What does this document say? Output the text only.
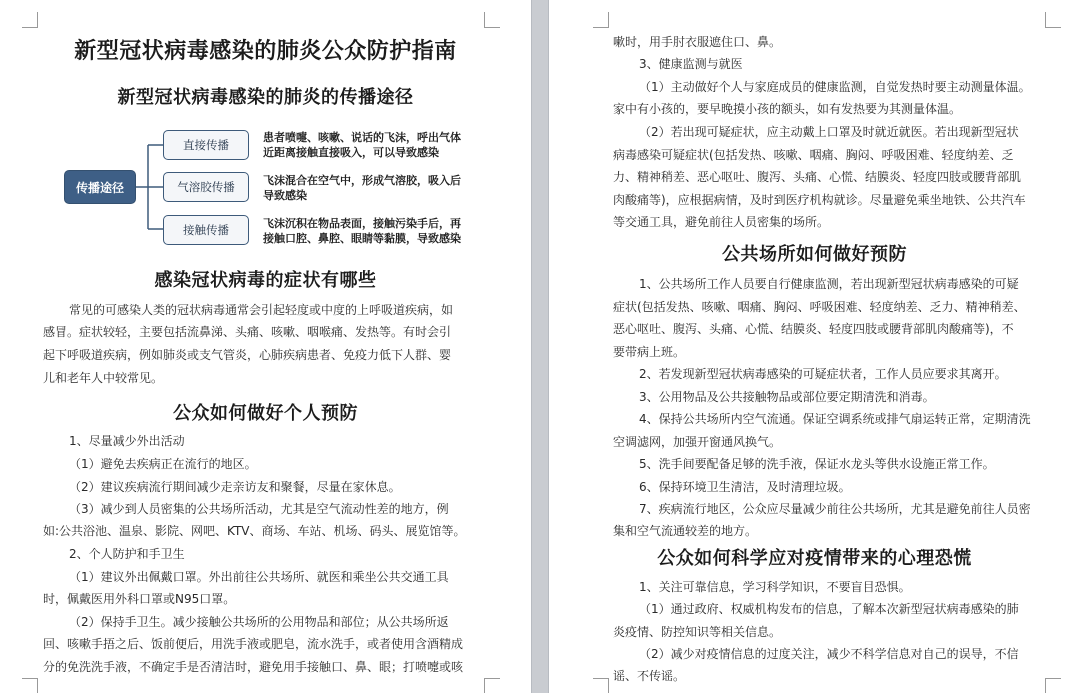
新型冠状病毒感染的肺炎公众防护指南
新型冠状病毒感染的肺炎的传播途径
传播途径
直接传播
气溶胶传播
接触传播
患者喷嚏、咳嗽、说话的飞沫，呼出气体
近距离接触直接吸入，可以导致感染
飞沫混合在空气中，形成气溶胶，吸入后
导致感染
飞沫沉积在物品表面，接触污染手后，再
接触口腔、鼻腔、眼睛等黏膜，导致感染
感染冠状病毒的症状有哪些
常见的可感染人类的冠状病毒通常会引起轻度或中度的上呼吸道疾病，如
感冒。症状较轻，主要包括流鼻涕、头痛、咳嗽、咽喉痛、发热等。有时会引
起下呼吸道疾病，例如肺炎或支气管炎，心肺疾病患者、免疫力低下人群、婴
儿和老年人中较常见。
公众如何做好个人预防
1、尽量减少外出活动
（1）避免去疾病正在流行的地区。
（2）建议疾病流行期间减少走亲访友和聚餐，尽量在家休息。
（3）减少到人员密集的公共场所活动，尤其是空气流动性差的地方，例
如:公共浴池、温泉、影院、网吧、KTV、商场、车站、机场、码头、展览馆等。
2、个人防护和手卫生
（1）建议外出佩戴口罩。外出前往公共场所、就医和乘坐公共交通工具
时，佩戴医用外科口罩或N95口罩。
（2）保持手卫生。减少接触公共场所的公用物品和部位；从公共场所返
回、咳嗽手捂之后、饭前便后，用洗手液或肥皂，流水洗手，或者使用含酒精成
分的免洗洗手液，不确定手是否清洁时，避免用手接触口、鼻、眼；打喷嚏或咳
嗽时，用手肘衣服遮住口、鼻。
3、健康监测与就医
（1）主动做好个人与家庭成员的健康监测，自觉发热时要主动测量体温。
家中有小孩的，要早晚摸小孩的额头，如有发热要为其测量体温。
（2）若出现可疑症状，应主动戴上口罩及时就近就医。若出现新型冠状
病毒感染可疑症状(包括发热、咳嗽、咽痛、胸闷、呼吸困难、轻度纳差、乏
力、精神稍差、恶心呕吐、腹泻、头痛、心慌、结膜炎、轻度四肢或腰背部肌
肉酸痛等)，应根据病情，及时到医疗机构就诊。尽量避免乘坐地铁、公共汽车
等交通工具，避免前往人员密集的场所。
公共场所如何做好预防
1、公共场所工作人员要自行健康监测，若出现新型冠状病毒感染的可疑
症状(包括发热、咳嗽、咽痛、胸闷、呼吸困难、轻度纳差、乏力、精神稍差、
恶心呕吐、腹泻、头痛、心慌、结膜炎、轻度四肢或腰背部肌肉酸痛等)，不
要带病上班。
2、若发现新型冠状病毒感染的可疑症状者，工作人员应要求其离开。
3、公用物品及公共接触物品或部位要定期清洗和消毒。
4、保持公共场所内空气流通。保证空调系统或排气扇运转正常，定期清洗
空调滤网，加强开窗通风换气。
5、洗手间要配备足够的洗手液，保证水龙头等供水设施正常工作。
6、保持环境卫生清洁，及时清理垃圾。
7、疾病流行地区，公众应尽量减少前往公共场所，尤其是避免前往人员密
集和空气流通较差的地方。
公众如何科学应对疫情带来的心理恐慌
1、关注可靠信息，学习科学知识，不要盲目恐惧。
（1）通过政府、权威机构发布的信息，了解本次新型冠状病毒感染的肺
炎疫情、防控知识等相关信息。
（2）减少对疫情信息的过度关注，减少不科学信息对自己的误导，不信
谣、不传谣。
